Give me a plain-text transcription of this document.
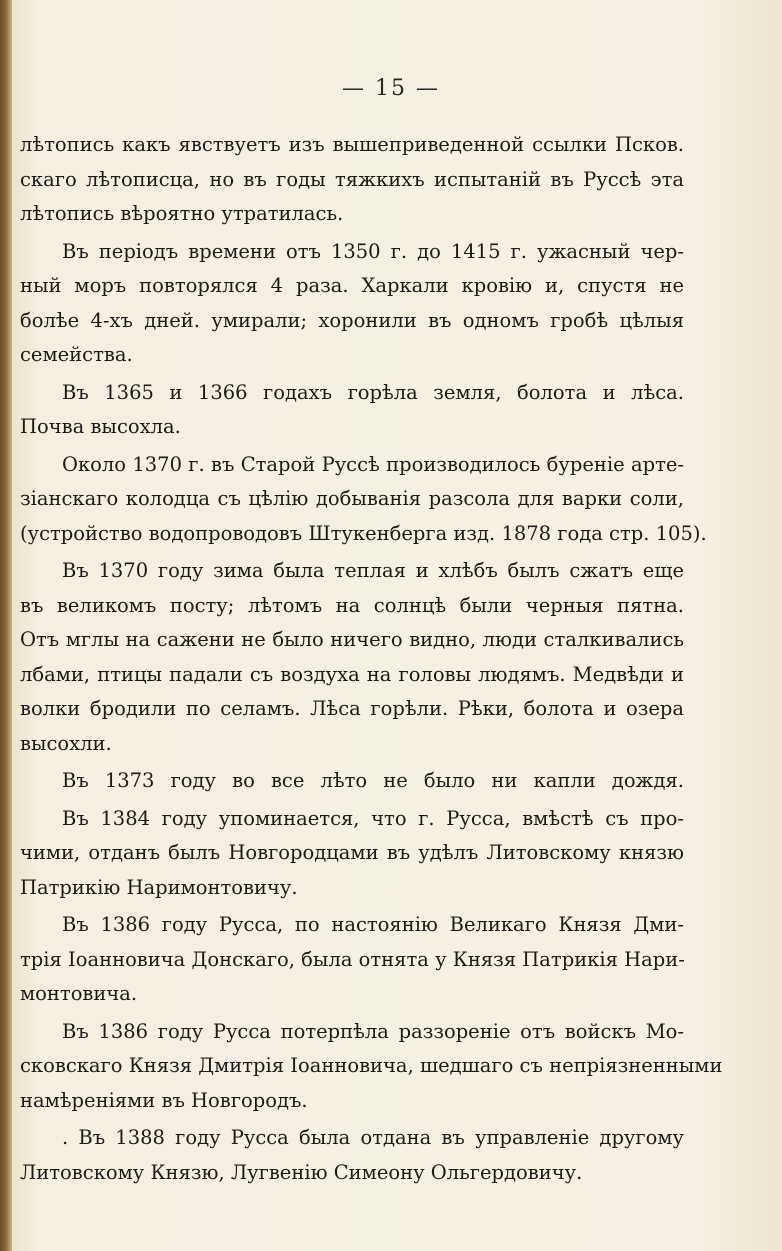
— 15 —
лѣтопись какъ явствуетъ изъ вышеприведенной ссылки Псков.
скаго лѣтописца, но въ годы тяжкихъ испытаній въ Руссѣ эта
лѣтопись вѣроятно утратилась.
Въ періодъ времени отъ 1350 г. до 1415 г. ужасный чер-
ный моръ повторялся 4 раза. Харкали кровію и, спустя не
болѣе 4-хъ дней. умирали; хоронили въ одномъ гробѣ цѣлыя
семейства.
Въ 1365 и 1366 годахъ горѣла земля, болота и лѣса.
Почва высохла.
Около 1370 г. въ Старой Руссѣ производилось буреніе арте-
зіанскаго колодца съ цѣлію добыванія разсола для варки соли,
(устройство водопроводовъ Штукенберга изд. 1878 года стр. 105).
Въ 1370 году зима была теплая и хлѣбъ былъ сжатъ еще
въ великомъ посту; лѣтомъ на солнцѣ были черныя пятна.
Отъ мглы на сажени не было ничего видно, люди сталкивались
лбами, птицы падали съ воздуха на головы людямъ. Медвѣди и
волки бродили по селамъ. Лѣса горѣли. Рѣки, болота и озера
высохли.
Въ 1373 году во все лѣто не было ни капли дождя.
Въ 1384 году упоминается, что г. Русса, вмѣстѣ съ про-
чими, отданъ былъ Новгородцами въ удѣлъ Литовскому князю
Патрикію Наримонтовичу.
Въ 1386 году Русса, по настоянію Великаго Князя Дми-
трія Іоанновича Донскаго, была отнята у Князя Патрикія Нари-
монтовича.
Въ 1386 году Русса потерпѣла раззореніе отъ войскъ Мо-
сковскаго Князя Дмитрія Іоанновича, шедшаго съ непріязненными
намѣреніями въ Новгородъ.
. Въ 1388 году Русса была отдана въ управленіе другому
Литовскому Князю, Лугвенію Симеону Ольгердовичу.
